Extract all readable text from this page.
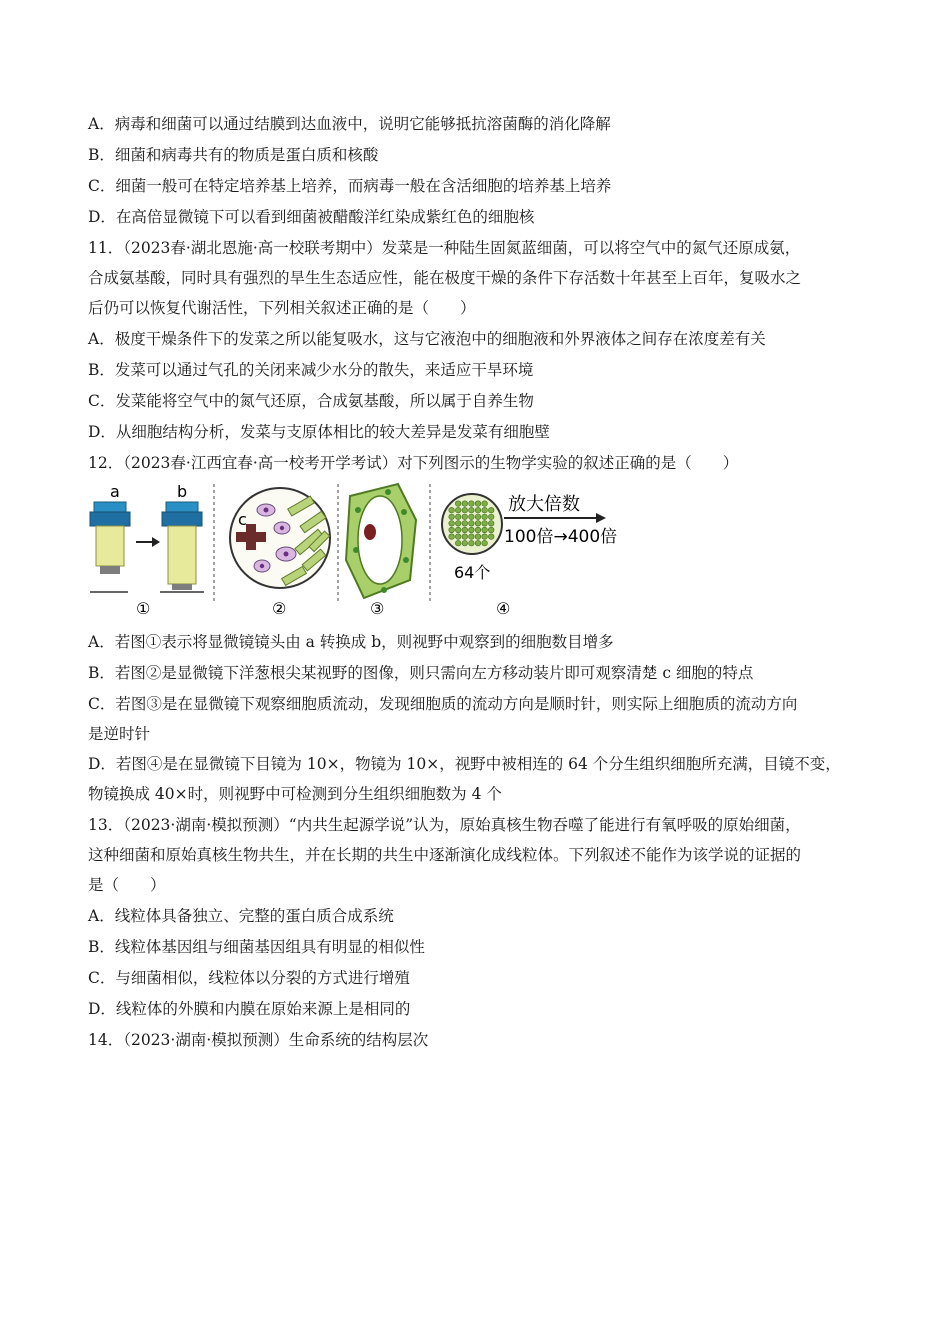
A．病毒和细菌可以通过结膜到达血液中，说明它能够抵抗溶菌酶的消化降解
B．细菌和病毒共有的物质是蛋白质和核酸
C．细菌一般可在特定培养基上培养，而病毒一般在含活细胞的培养基上培养
D．在高倍显微镜下可以看到细菌被醋酸洋红染成紫红色的细胞核
11．（2023春·湖北恩施·高一校联考期中）发菜是一种陆生固氮蓝细菌，可以将空气中的氮气还原成氨，
合成氨基酸，同时具有强烈的旱生生态适应性，能在极度干燥的条件下存活数十年甚至上百年，复吸水之
后仍可以恢复代谢活性，下列相关叙述正确的是（　　）
A．极度干燥条件下的发菜之所以能复吸水，这与它液泡中的细胞液和外界液体之间存在浓度差有关
B．发菜可以通过气孔的关闭来减少水分的散失，来适应干旱环境
C．发菜能将空气中的氮气还原，合成氨基酸，所以属于自养生物
D．从细胞结构分析，发菜与支原体相比的较大差异是发菜有细胞壁
12．（2023春·江西宜春·高一校考开学考试）对下列图示的生物学实验的叙述正确的是（　　）
a	b
①
c
②	③
64个
放大倍数
100倍→400倍
④
A．若图①表示将显微镜镜头由 a 转换成 b，则视野中观察到的细胞数目增多
B．若图②是显微镜下洋葱根尖某视野的图像，则只需向左方移动装片即可观察清楚 c 细胞的特点
C．若图③是在显微镜下观察细胞质流动，发现细胞质的流动方向是顺时针，则实际上细胞质的流动方向
是逆时针
D．若图④是在显微镜下目镜为 10×，物镜为 10×，视野中被相连的 64 个分生组织细胞所充满，目镜不变，
物镜换成 40×时，则视野中可检测到分生组织细胞数为 4 个
13．（2023·湖南·模拟预测）“内共生起源学说”认为，原始真核生物吞噬了能进行有氧呼吸的原始细菌，
这种细菌和原始真核生物共生，并在长期的共生中逐渐演化成线粒体。下列叙述不能作为该学说的证据的
是（　　）
A．线粒体具备独立、完整的蛋白质合成系统
B．线粒体基因组与细菌基因组具有明显的相似性
C．与细菌相似，线粒体以分裂的方式进行增殖
D．线粒体的外膜和内膜在原始来源上是相同的
14．（2023·湖南·模拟预测）生命系统的结构层次
